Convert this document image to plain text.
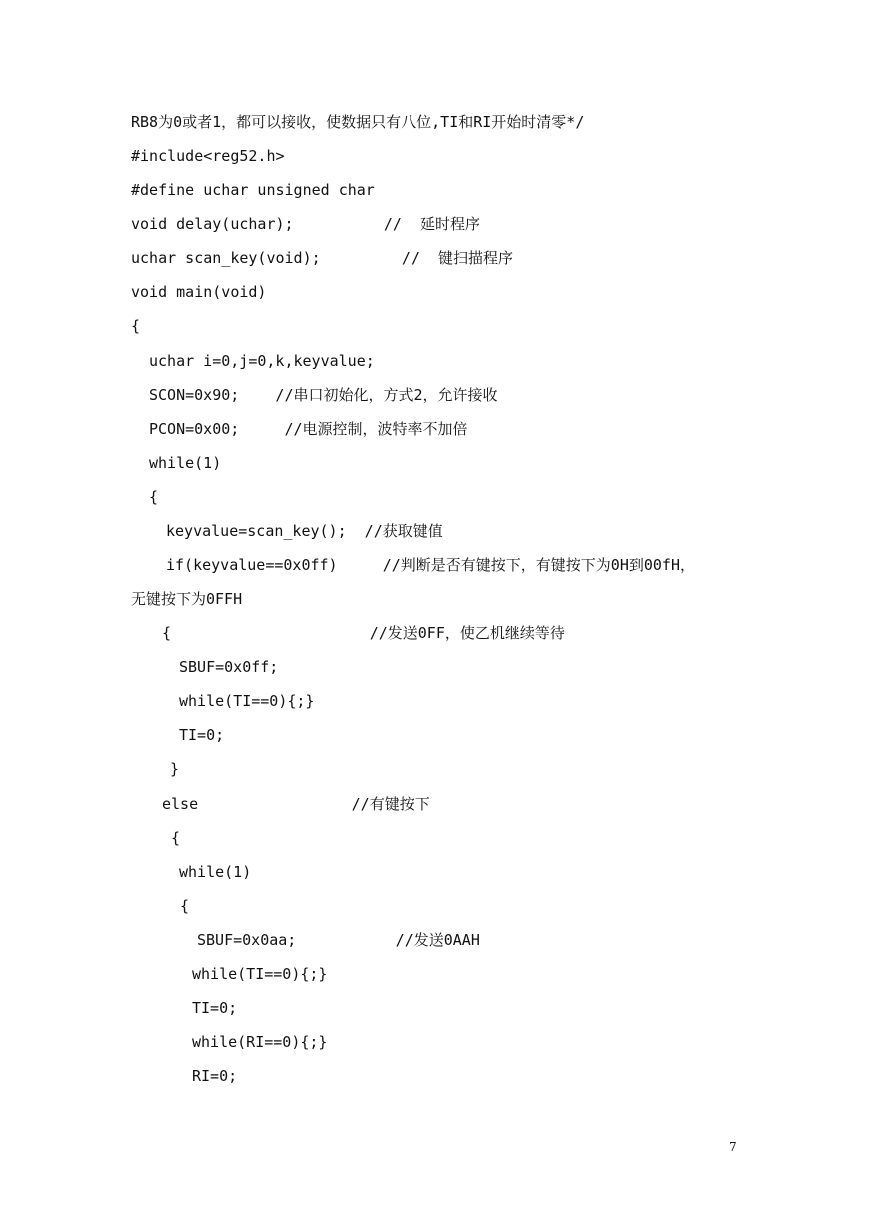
RB8为0或者1，都可以接收，使数据只有八位,TI和RI开始时清零*/
#include<reg52.h>
#define uchar unsigned char
void delay(uchar);          //  延时程序
uchar scan_key(void);         //  键扫描程序
void main(void)
{
uchar i=0,j=0,k,keyvalue;
SCON=0x90;    //串口初始化，方式2，允许接收
PCON=0x00;     //电源控制，波特率不加倍
while(1)
{
keyvalue=scan_key();  //获取键值
if(keyvalue==0x0ff)     //判断是否有键按下，有键按下为0H到00fH，
无键按下为0FFH
{                      //发送0FF，使乙机继续等待
SBUF=0x0ff;
while(TI==0){;}
TI=0;
}
else                 //有键按下
{
while(1)
{
SBUF=0x0aa;           //发送0AAH
while(TI==0){;}
TI=0;
while(RI==0){;}
RI=0;
7
